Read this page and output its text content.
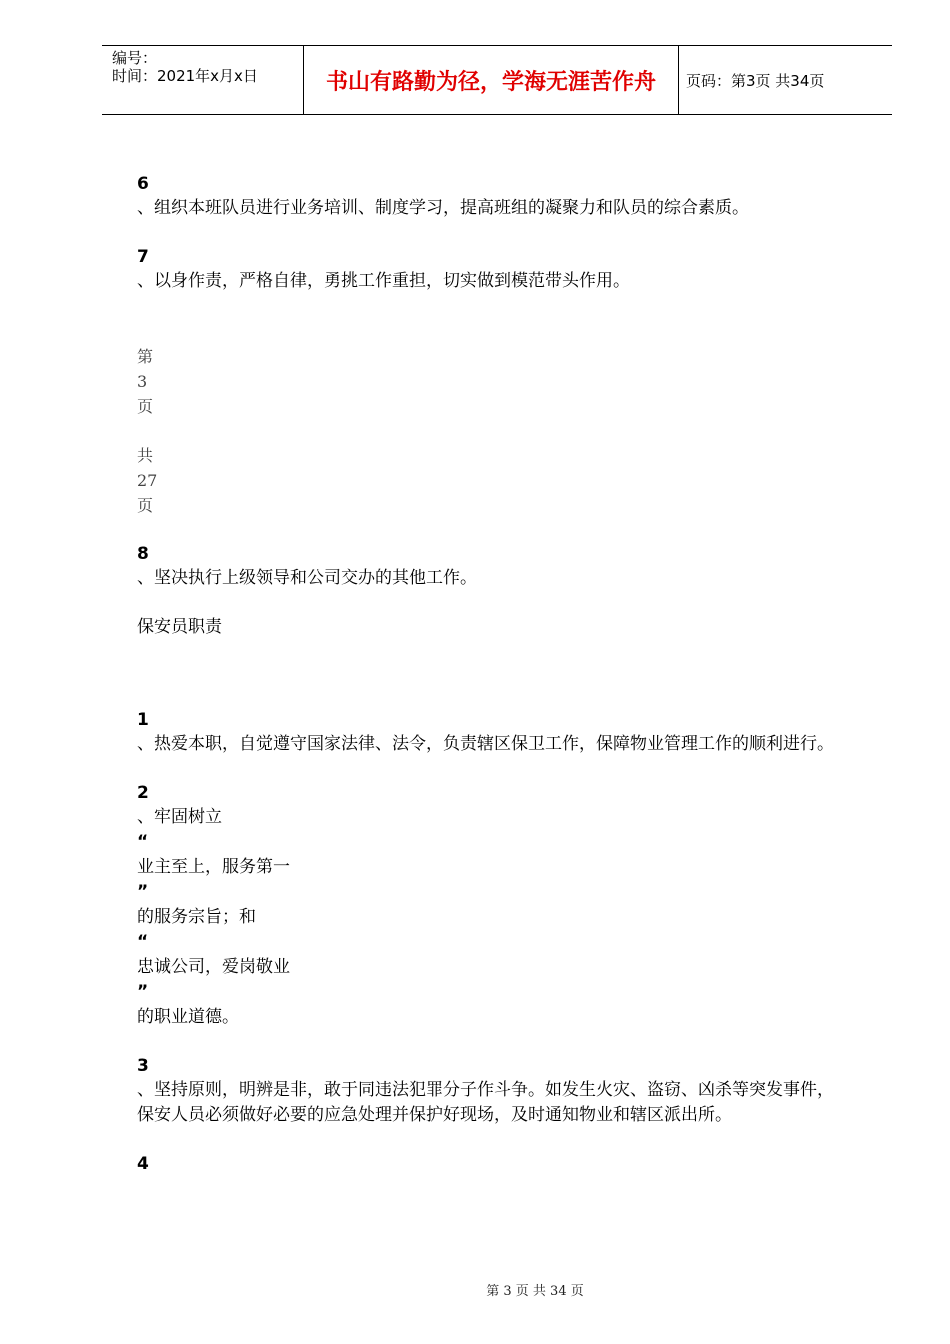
编号：
时间：2021年x月x日	书山有路勤为径，学海无涯苦作舟	页码：第3页 共34页
6
、组织本班队员进行业务培训、制度学习，提高班组的凝聚力和队员的综合素质。
7
、以身作责，严格自律，勇挑工作重担，切实做到模范带头作用。
第
3
页
共
27
页
8
、坚决执行上级领导和公司交办的其他工作。
保安员职责
1
、热爱本职，自觉遵守国家法律、法令，负责辖区保卫工作，保障物业管理工作的顺利进行。
2
、牢固树立
“
业主至上，服务第一
”
的服务宗旨；和
“
忠诚公司，爱岗敬业
”
的职业道德。
3
、坚持原则，明辨是非，敢于同违法犯罪分子作斗争。如发生火灾、盗窃、凶杀等突发事件，保安人员必须做好必要的应急处理并保护好现场，及时通知物业和辖区派出所。
4
第 3 页 共 34 页
